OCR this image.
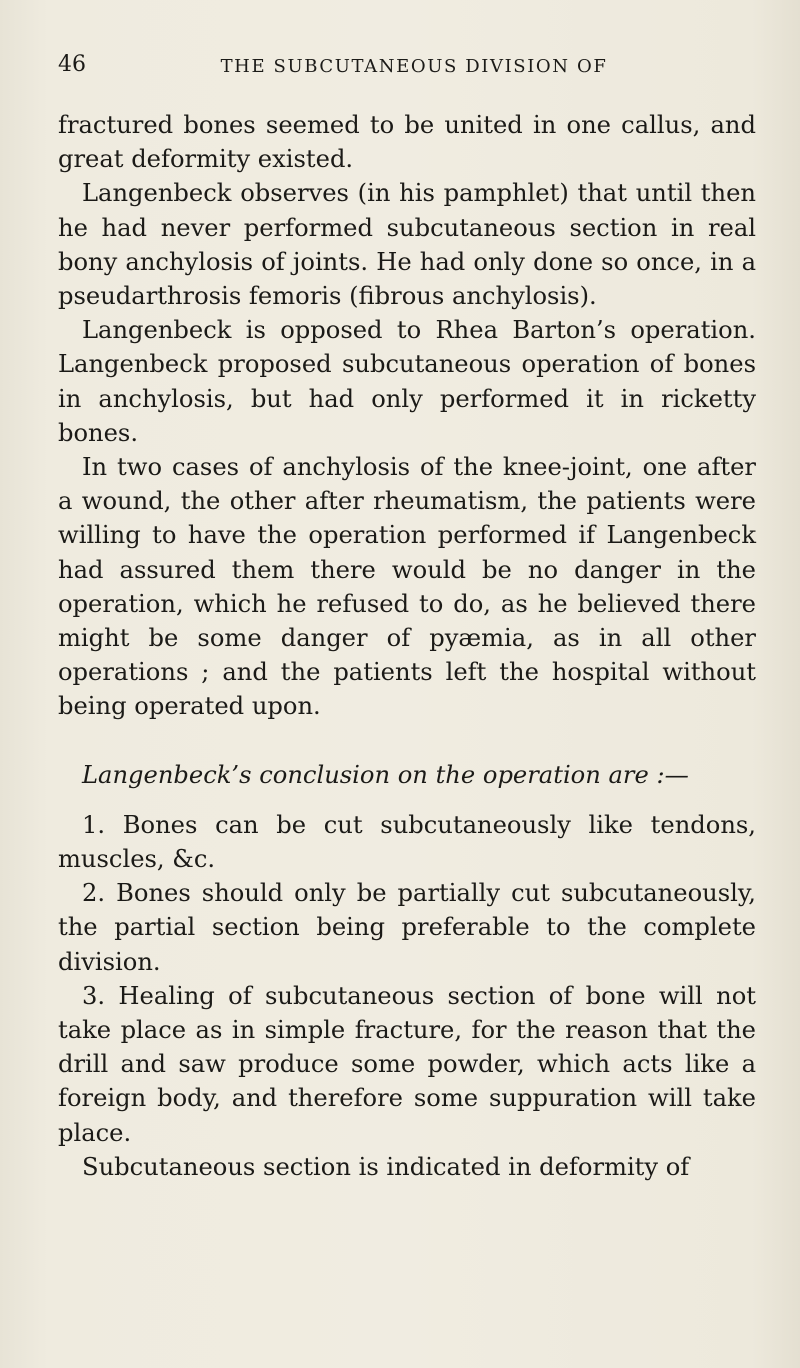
46	THE SUBCUTANEOUS DIVISION OF

fractured bones seemed to be united in one callus, and great deformity existed.

Langenbeck observes (in his pamphlet) that until then he had never performed subcutaneous section in real bony anchylosis of joints. He had only done so once, in a pseudarthrosis femoris (fibrous anchylosis).

Langenbeck is opposed to Rhea Barton’s operation. Langenbeck proposed subcutaneous operation of bones in anchylosis, but had only performed it in ricketty bones.

In two cases of anchylosis of the knee-joint, one after a wound, the other after rheumatism, the patients were willing to have the operation performed if Langenbeck had assured them there would be no danger in the operation, which he refused to do, as he believed there might be some danger of pyæmia, as in all other operations ; and the patients left the hospital without being operated upon.

Langenbeck’s conclusion on the operation are :—

1. Bones can be cut subcutaneously like tendons, muscles, &c.

2. Bones should only be partially cut subcutaneously, the partial section being preferable to the complete division.

3. Healing of subcutaneous section of bone will not take place as in simple fracture, for the reason that the drill and saw produce some powder, which acts like a foreign body, and therefore some suppuration will take place.

Subcutaneous section is indicated in deformity of
